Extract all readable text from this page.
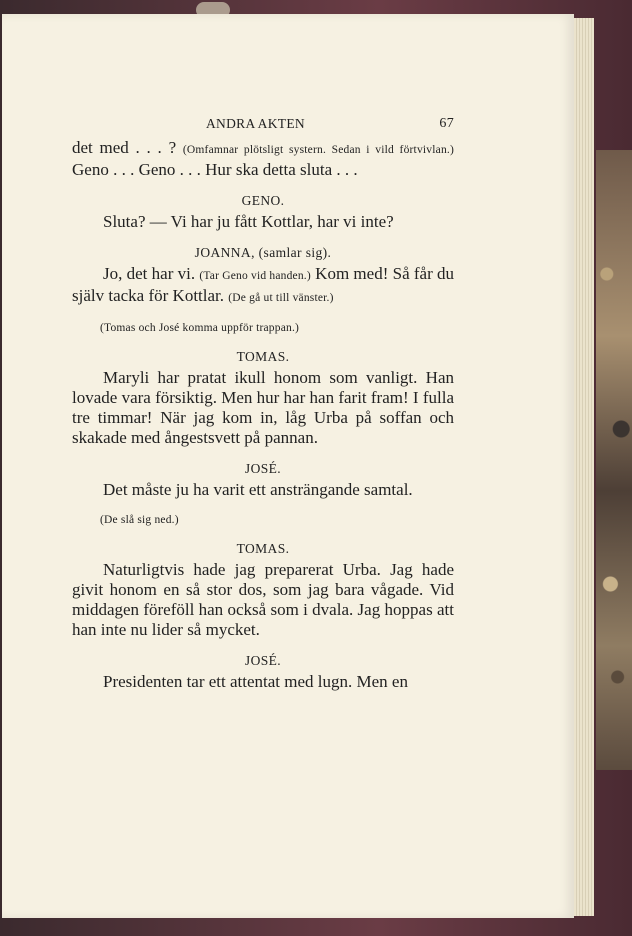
ANDRA AKTEN	67

det med . . . ? (Omfamnar plötsligt systern. Sedan i vild förtvivlan.) Geno . . . Geno . . . Hur ska detta sluta . . .

GENO.

Sluta? — Vi har ju fått Kottlar, har vi inte?

JOANNA, (samlar sig).

Jo, det har vi. (Tar Geno vid handen.) Kom med! Så får du själv tacka för Kottlar. (De gå ut till vänster.)

(Tomas och José komma uppför trappan.)

TOMAS.

Maryli har pratat ikull honom som vanligt. Han lovade vara försiktig. Men hur har han farit fram! I fulla tre timmar! När jag kom in, låg Urba på soffan och skakade med ångestsvett på pannan.

JOSÉ.

Det måste ju ha varit ett ansträngande samtal.

(De slå sig ned.)

TOMAS.

Naturligtvis hade jag preparerat Urba. Jag hade givit honom en så stor dos, som jag bara vågade. Vid middagen föreföll han också som i dvala. Jag hoppas att han inte nu lider så mycket.

JOSÉ.

Presidenten tar ett attentat med lugn. Men en
